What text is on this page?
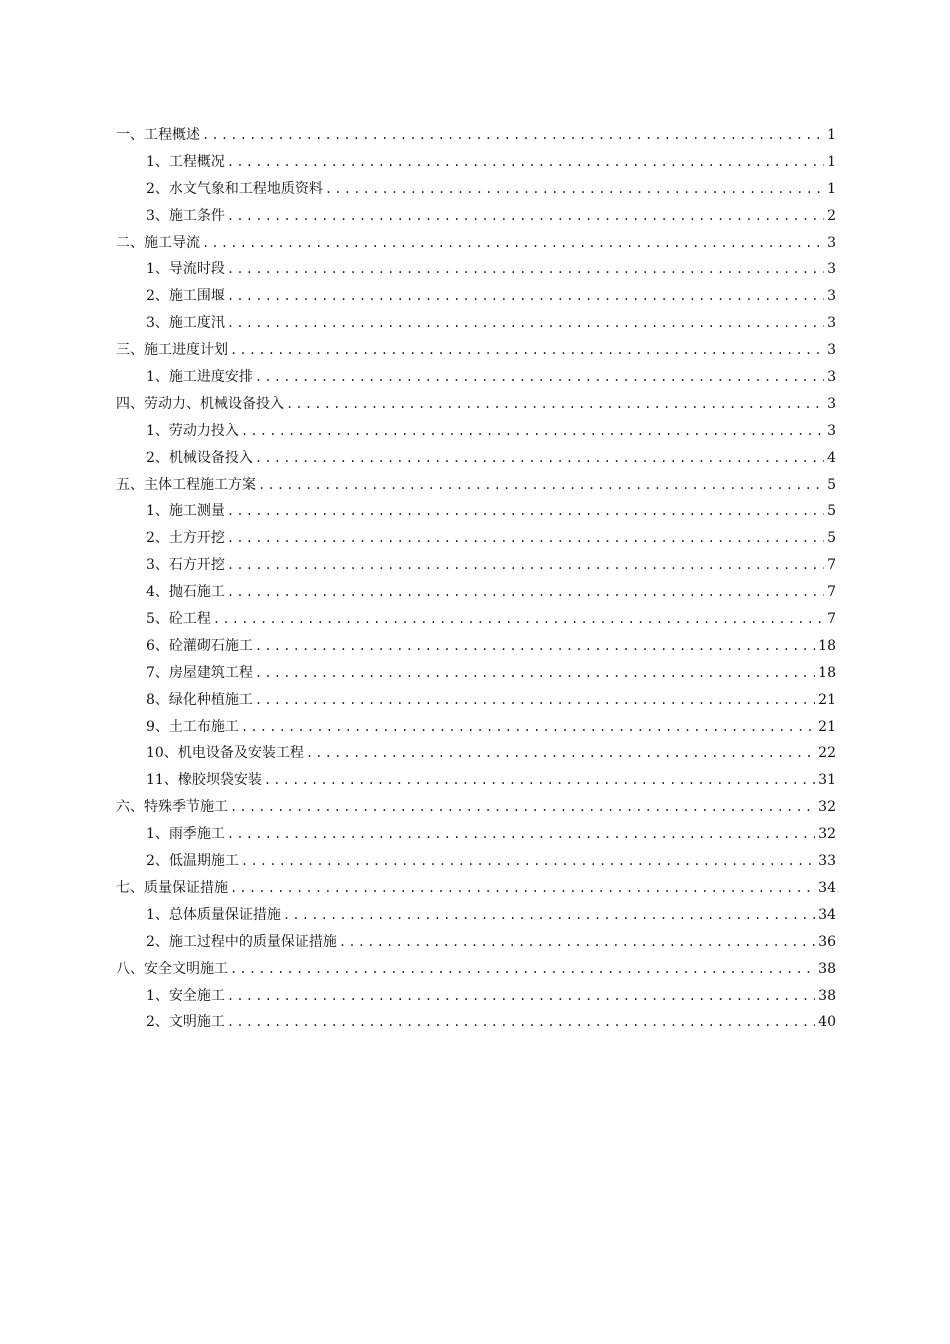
一、工程概述 .....	1
1、工程概况 .....	1
2、水文气象和工程地质资料 .....	1
3、施工条件 .....	2
二、施工导流 .....	3
1、导流时段 .....	3
2、施工围堰 .....	3
3、施工度汛 .....	3
三、施工进度计划 .....	3
1、施工进度安排 .....	3
四、劳动力、机械设备投入 .....	3
1、劳动力投入 .....	3
2、机械设备投入 .....	4
五、主体工程施工方案 .....	5
1、施工测量 .....	5
2、土方开挖 .....	5
3、石方开挖 .....	7
4、抛石施工 .....	7
5、砼工程 .....	7
6、砼灌砌石施工 .....	18
7、房屋建筑工程 .....	18
8、绿化种植施工 .....	21
9、土工布施工 .....	21
10、机电设备及安装工程 .....	22
11、橡胶坝袋安装 .....	31
六、特殊季节施工 .....	32
1、雨季施工 .....	32
2、低温期施工 .....	33
七、质量保证措施 .....	34
1、总体质量保证措施 .....	34
2、施工过程中的质量保证措施 .....	36
八、安全文明施工 .....	38
1、安全施工 .....	38
2、文明施工 .....	40
